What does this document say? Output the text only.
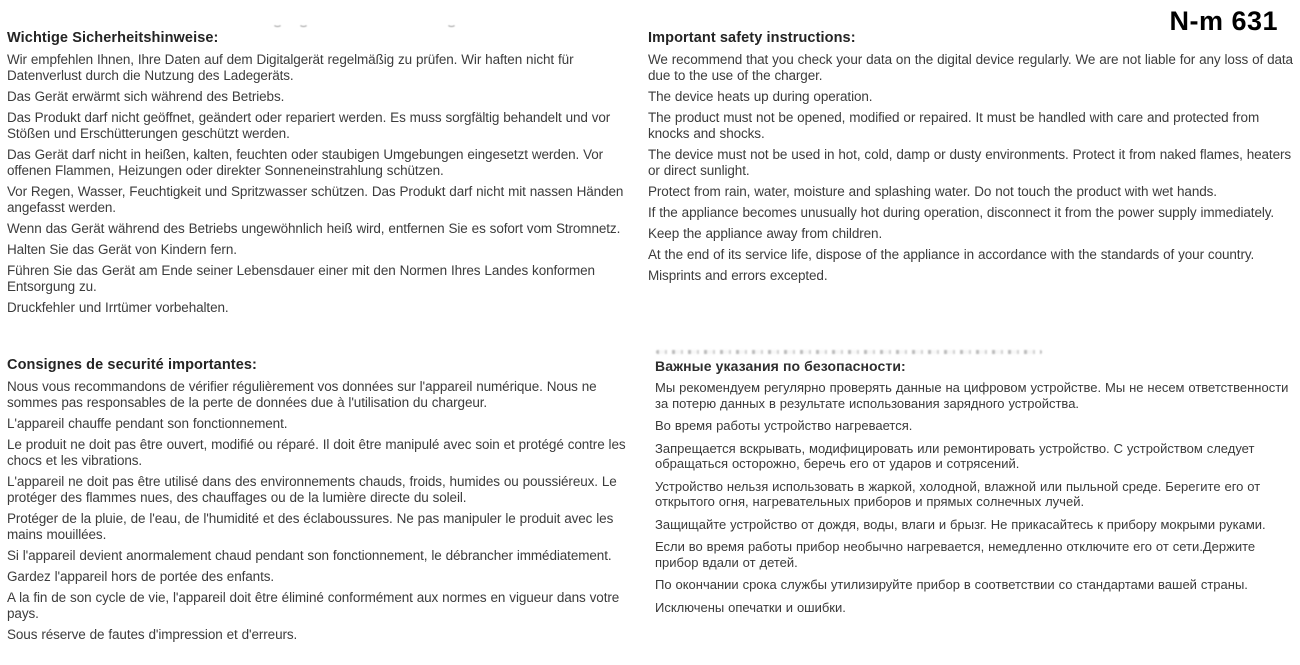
N-m 631
Wichtige Sicherheitshinweise:

Wir empfehlen Ihnen, Ihre Daten auf dem Digitalgerät regelmäßig zu prüfen. Wir haften nicht für Datenverlust durch die Nutzung des Ladegeräts.

Das Gerät erwärmt sich während des Betriebs.

Das Produkt darf nicht geöffnet, geändert oder repariert werden. Es muss sorgfältig behandelt und vor Stößen und Erschütterungen geschützt werden.

Das Gerät darf nicht in heißen, kalten, feuchten oder staubigen Umgebungen eingesetzt werden. Vor offenen Flammen, Heizungen oder direkter Sonneneinstrahlung schützen.

Vor Regen, Wasser, Feuchtigkeit und Spritzwasser schützen. Das Produkt darf nicht mit nassen Händen angefasst werden.

Wenn das Gerät während des Betriebs ungewöhnlich heiß wird, entfernen Sie es sofort vom Stromnetz.

Halten Sie das Gerät von Kindern fern.

Führen Sie das Gerät am Ende seiner Lebensdauer einer mit den Normen Ihres Landes konformen Entsorgung zu.

Druckfehler und Irrtümer vorbehalten.

Important safety instructions:

We recommend that you check your data on the digital device regularly. We are not liable for any loss of data due to the use of the charger.

The device heats up during operation.

The product must not be opened, modified or repaired. It must be handled with care and protected from knocks and shocks.

The device must not be used in hot, cold, damp or dusty environments. Protect it from naked flames, heaters or direct sunlight.

Protect from rain, water, moisture and splashing water. Do not touch the product with wet hands.

If the appliance becomes unusually hot during operation, disconnect it from the power supply immediately.

Keep the appliance away from children.

At the end of its service life, dispose of the appliance in accordance with the standards of your country.

Misprints and errors excepted.

Consignes de securité importantes:

Nous vous recommandons de vérifier régulièrement vos données sur l'appareil numérique. Nous ne sommes pas responsables de la perte de données due à l'utilisation du chargeur.

L'appareil chauffe pendant son fonctionnement.

Le produit ne doit pas être ouvert, modifié ou réparé. Il doit être manipulé avec soin et protégé contre les chocs et les vibrations.

L'appareil ne doit pas être utilisé dans des environnements chauds, froids, humides ou poussiéreux. Le protéger des flammes nues, des chauffages ou de la lumière directe du soleil.

Protéger de la pluie, de l'eau, de l'humidité et des éclaboussures. Ne pas manipuler le produit avec les mains mouillées.

Si l'appareil devient anormalement chaud pendant son fonctionnement, le débrancher immédiatement.

Gardez l'appareil hors de portée des enfants.

A la fin de son cycle de vie, l'appareil doit être éliminé conformément aux normes en vigueur dans votre pays.

Sous réserve de fautes d'impression et d'erreurs.

Важные указания по безопасности:

Мы рекомендуем регулярно проверять данные на цифровом устройстве. Мы не несем ответственности за потерю данных в результате использования зарядного устройства.

Во время работы устройство нагревается.

Запрещается вскрывать, модифицировать или ремонтировать устройство. С устройством следует обращаться осторожно, беречь его от ударов и сотрясений.

Устройство нельзя использовать в жаркой, холодной, влажной или пыльной среде. Берегите его от открытого огня, нагревательных приборов и прямых солнечных лучей.

Защищайте устройство от дождя, воды, влаги и брызг. Не прикасайтесь к прибору мокрыми руками.

Если во время работы прибор необычно нагревается, немедленно отключите его от сети.Держите прибор вдали от детей.

По окончании срока службы утилизируйте прибор в соответствии со стандартами вашей страны.

Исключены опечатки и ошибки.
